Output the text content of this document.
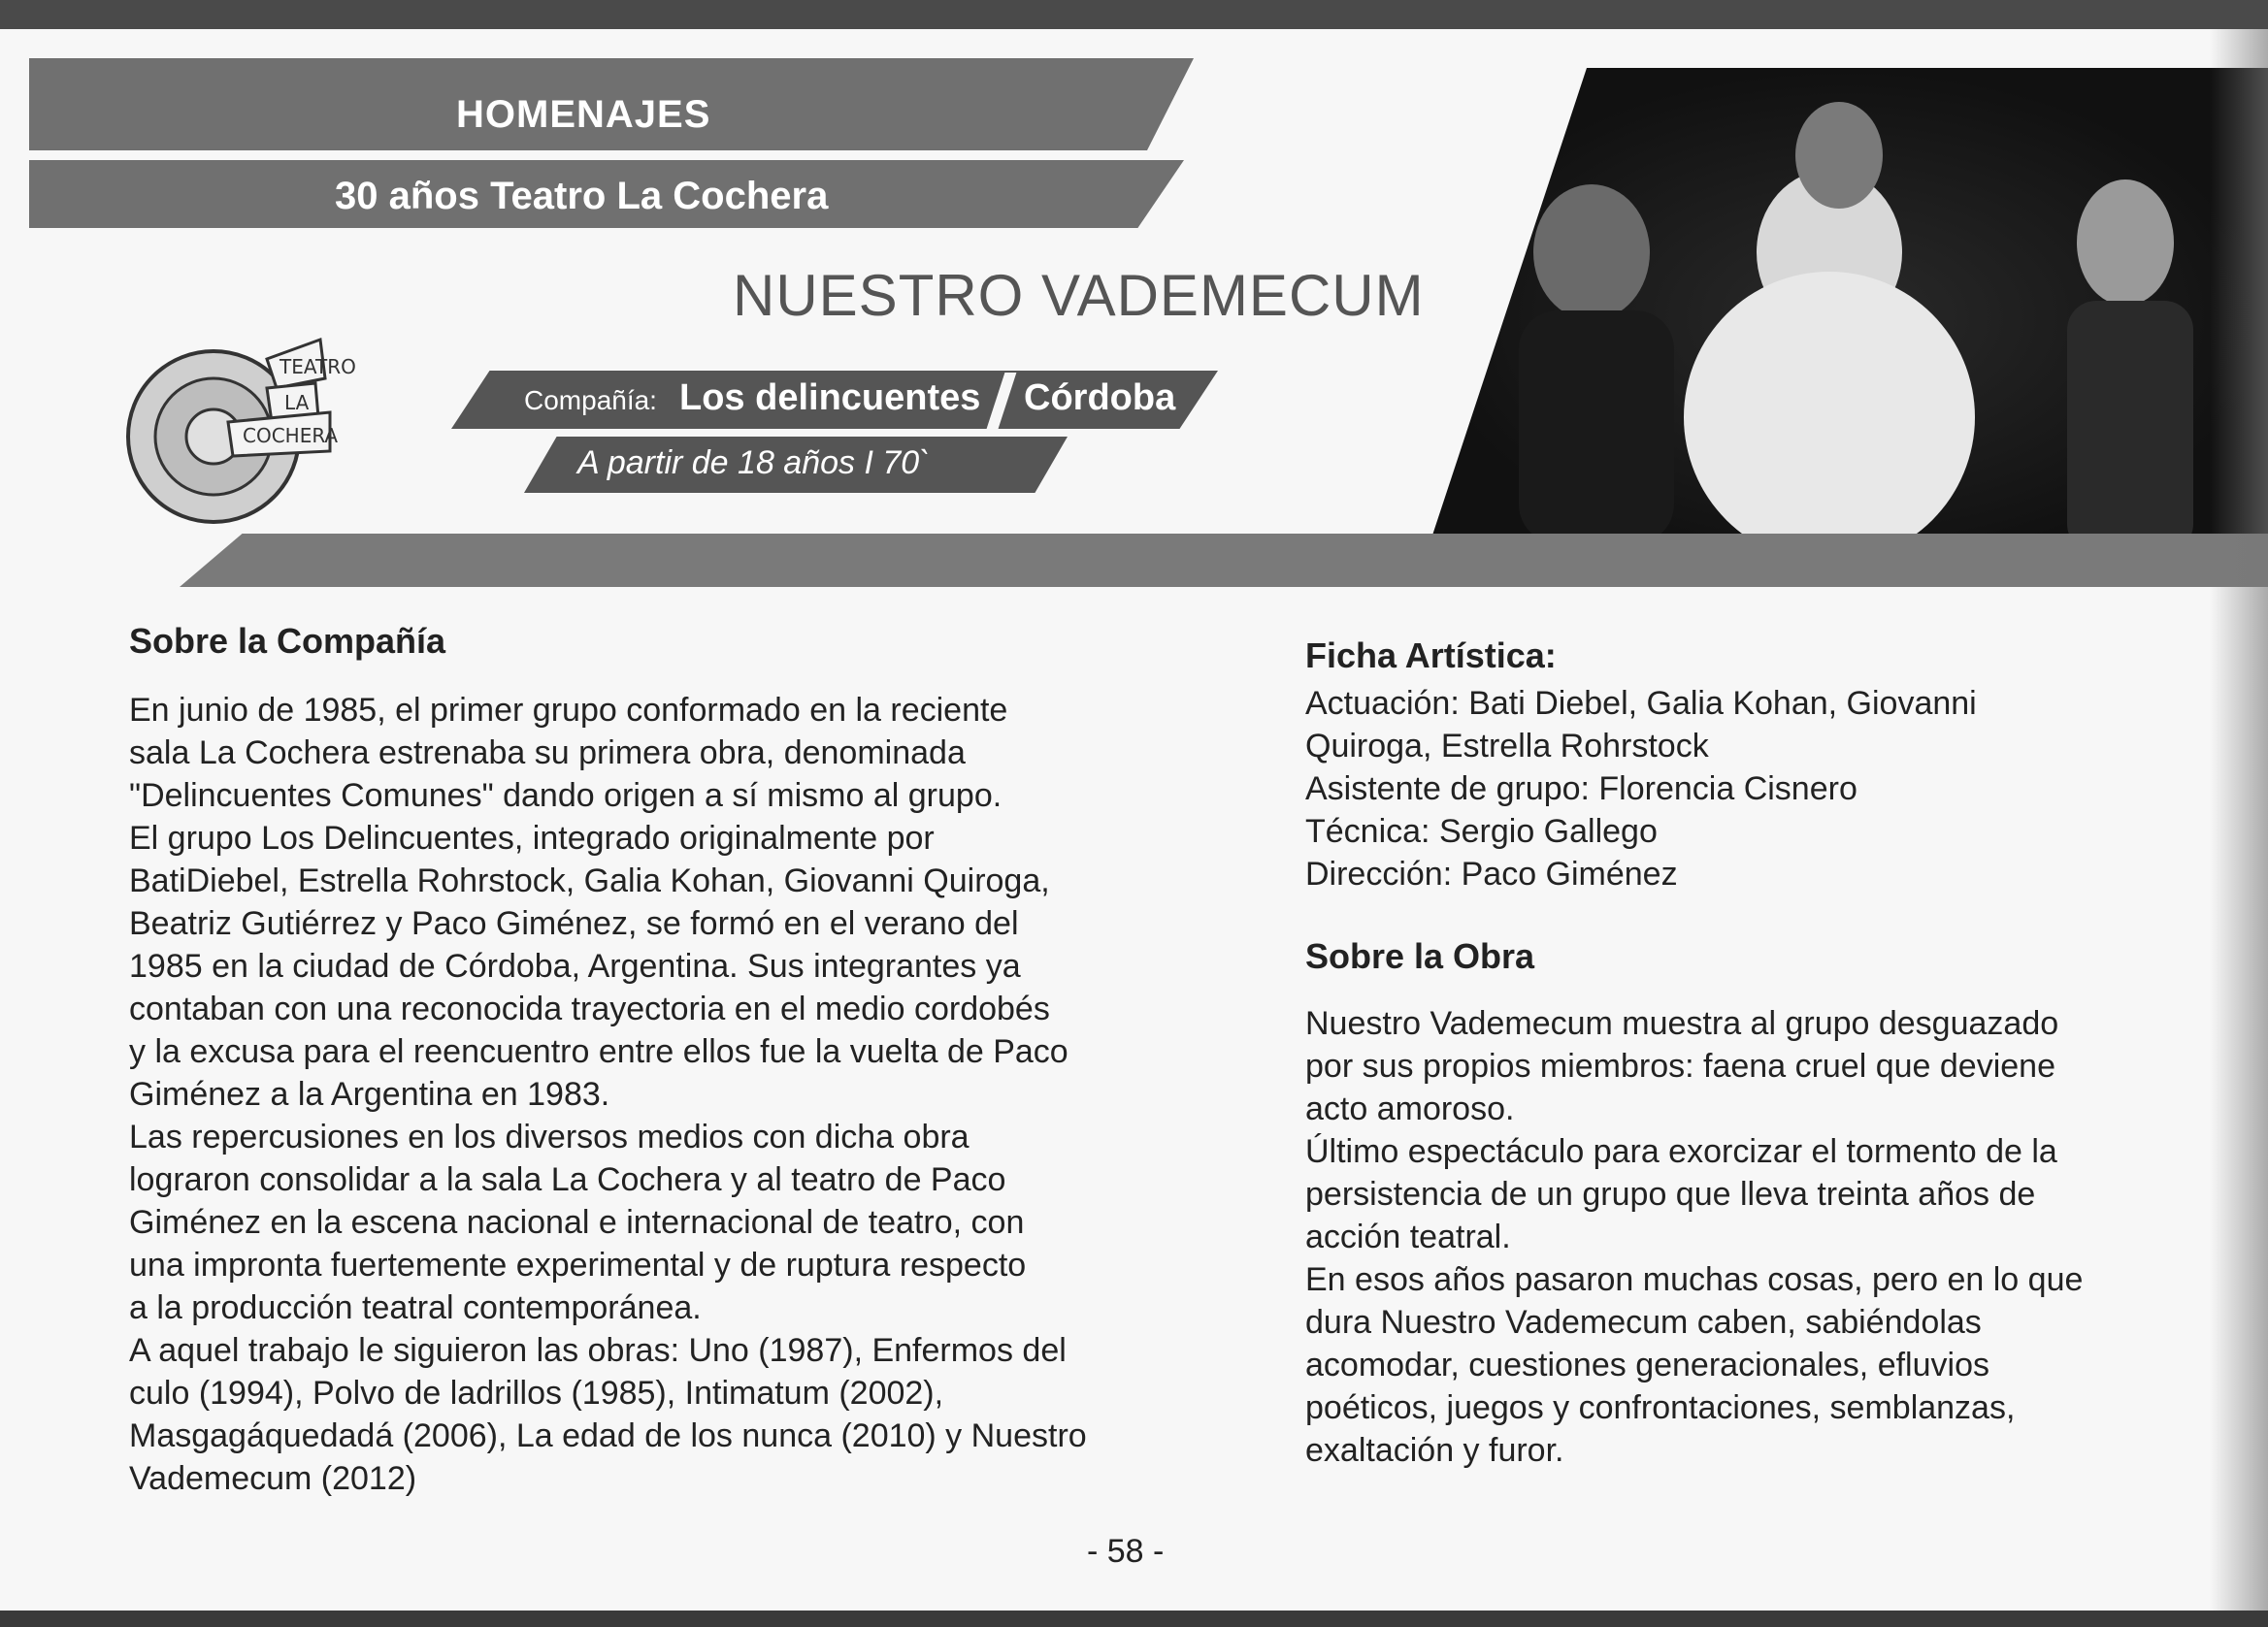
HOMENAJES
30 años Teatro La Cochera
NUESTRO VADEMECUM
TEATRO
LA
COCHERA
Compañía: Los delincuentes Córdoba
A partir de 18 años I 70`
Sobre la Compañía
En junio de 1985, el primer grupo conformado en la reciente
sala La Cochera estrenaba su primera obra, denominada
"Delincuentes Comunes" dando origen a sí mismo al grupo.
El grupo Los Delincuentes, integrado originalmente por
BatiDiebel, Estrella Rohrstock, Galia Kohan, Giovanni Quiroga,
Beatriz Gutiérrez y Paco Giménez, se formó en el verano del
1985 en la ciudad de Córdoba, Argentina. Sus integrantes ya
contaban con una reconocida trayectoria en el medio cordobés
y la excusa para el reencuentro entre ellos fue la vuelta de Paco
Giménez a la Argentina en 1983.
Las repercusiones en los diversos medios con dicha obra
lograron consolidar a la sala La Cochera y al teatro de Paco
Giménez en la escena nacional e internacional de teatro, con
una impronta fuertemente experimental y de ruptura respecto
a la producción teatral contemporánea.
A aquel trabajo le siguieron las obras: Uno (1987), Enfermos del
culo (1994), Polvo de ladrillos (1985), Intimatum (2002),
Masgagáquedadá (2006), La edad de los nunca (2010) y Nuestro
Vademecum (2012)
Ficha Artística:
Actuación: Bati Diebel, Galia Kohan, Giovanni
Quiroga, Estrella Rohrstock
Asistente de grupo: Florencia Cisnero
Técnica: Sergio Gallego
Dirección: Paco Giménez
Sobre la Obra
Nuestro Vademecum muestra al grupo desguazado
por sus propios miembros: faena cruel que deviene
acto amoroso.
Último espectáculo para exorcizar el tormento de la
persistencia de un grupo que lleva treinta años de
acción teatral.
En esos años pasaron muchas cosas, pero en lo que
dura Nuestro Vademecum caben, sabiéndolas
acomodar, cuestiones generacionales, efluvios
poéticos, juegos y confrontaciones, semblanzas,
exaltación y furor.
- 58 -
